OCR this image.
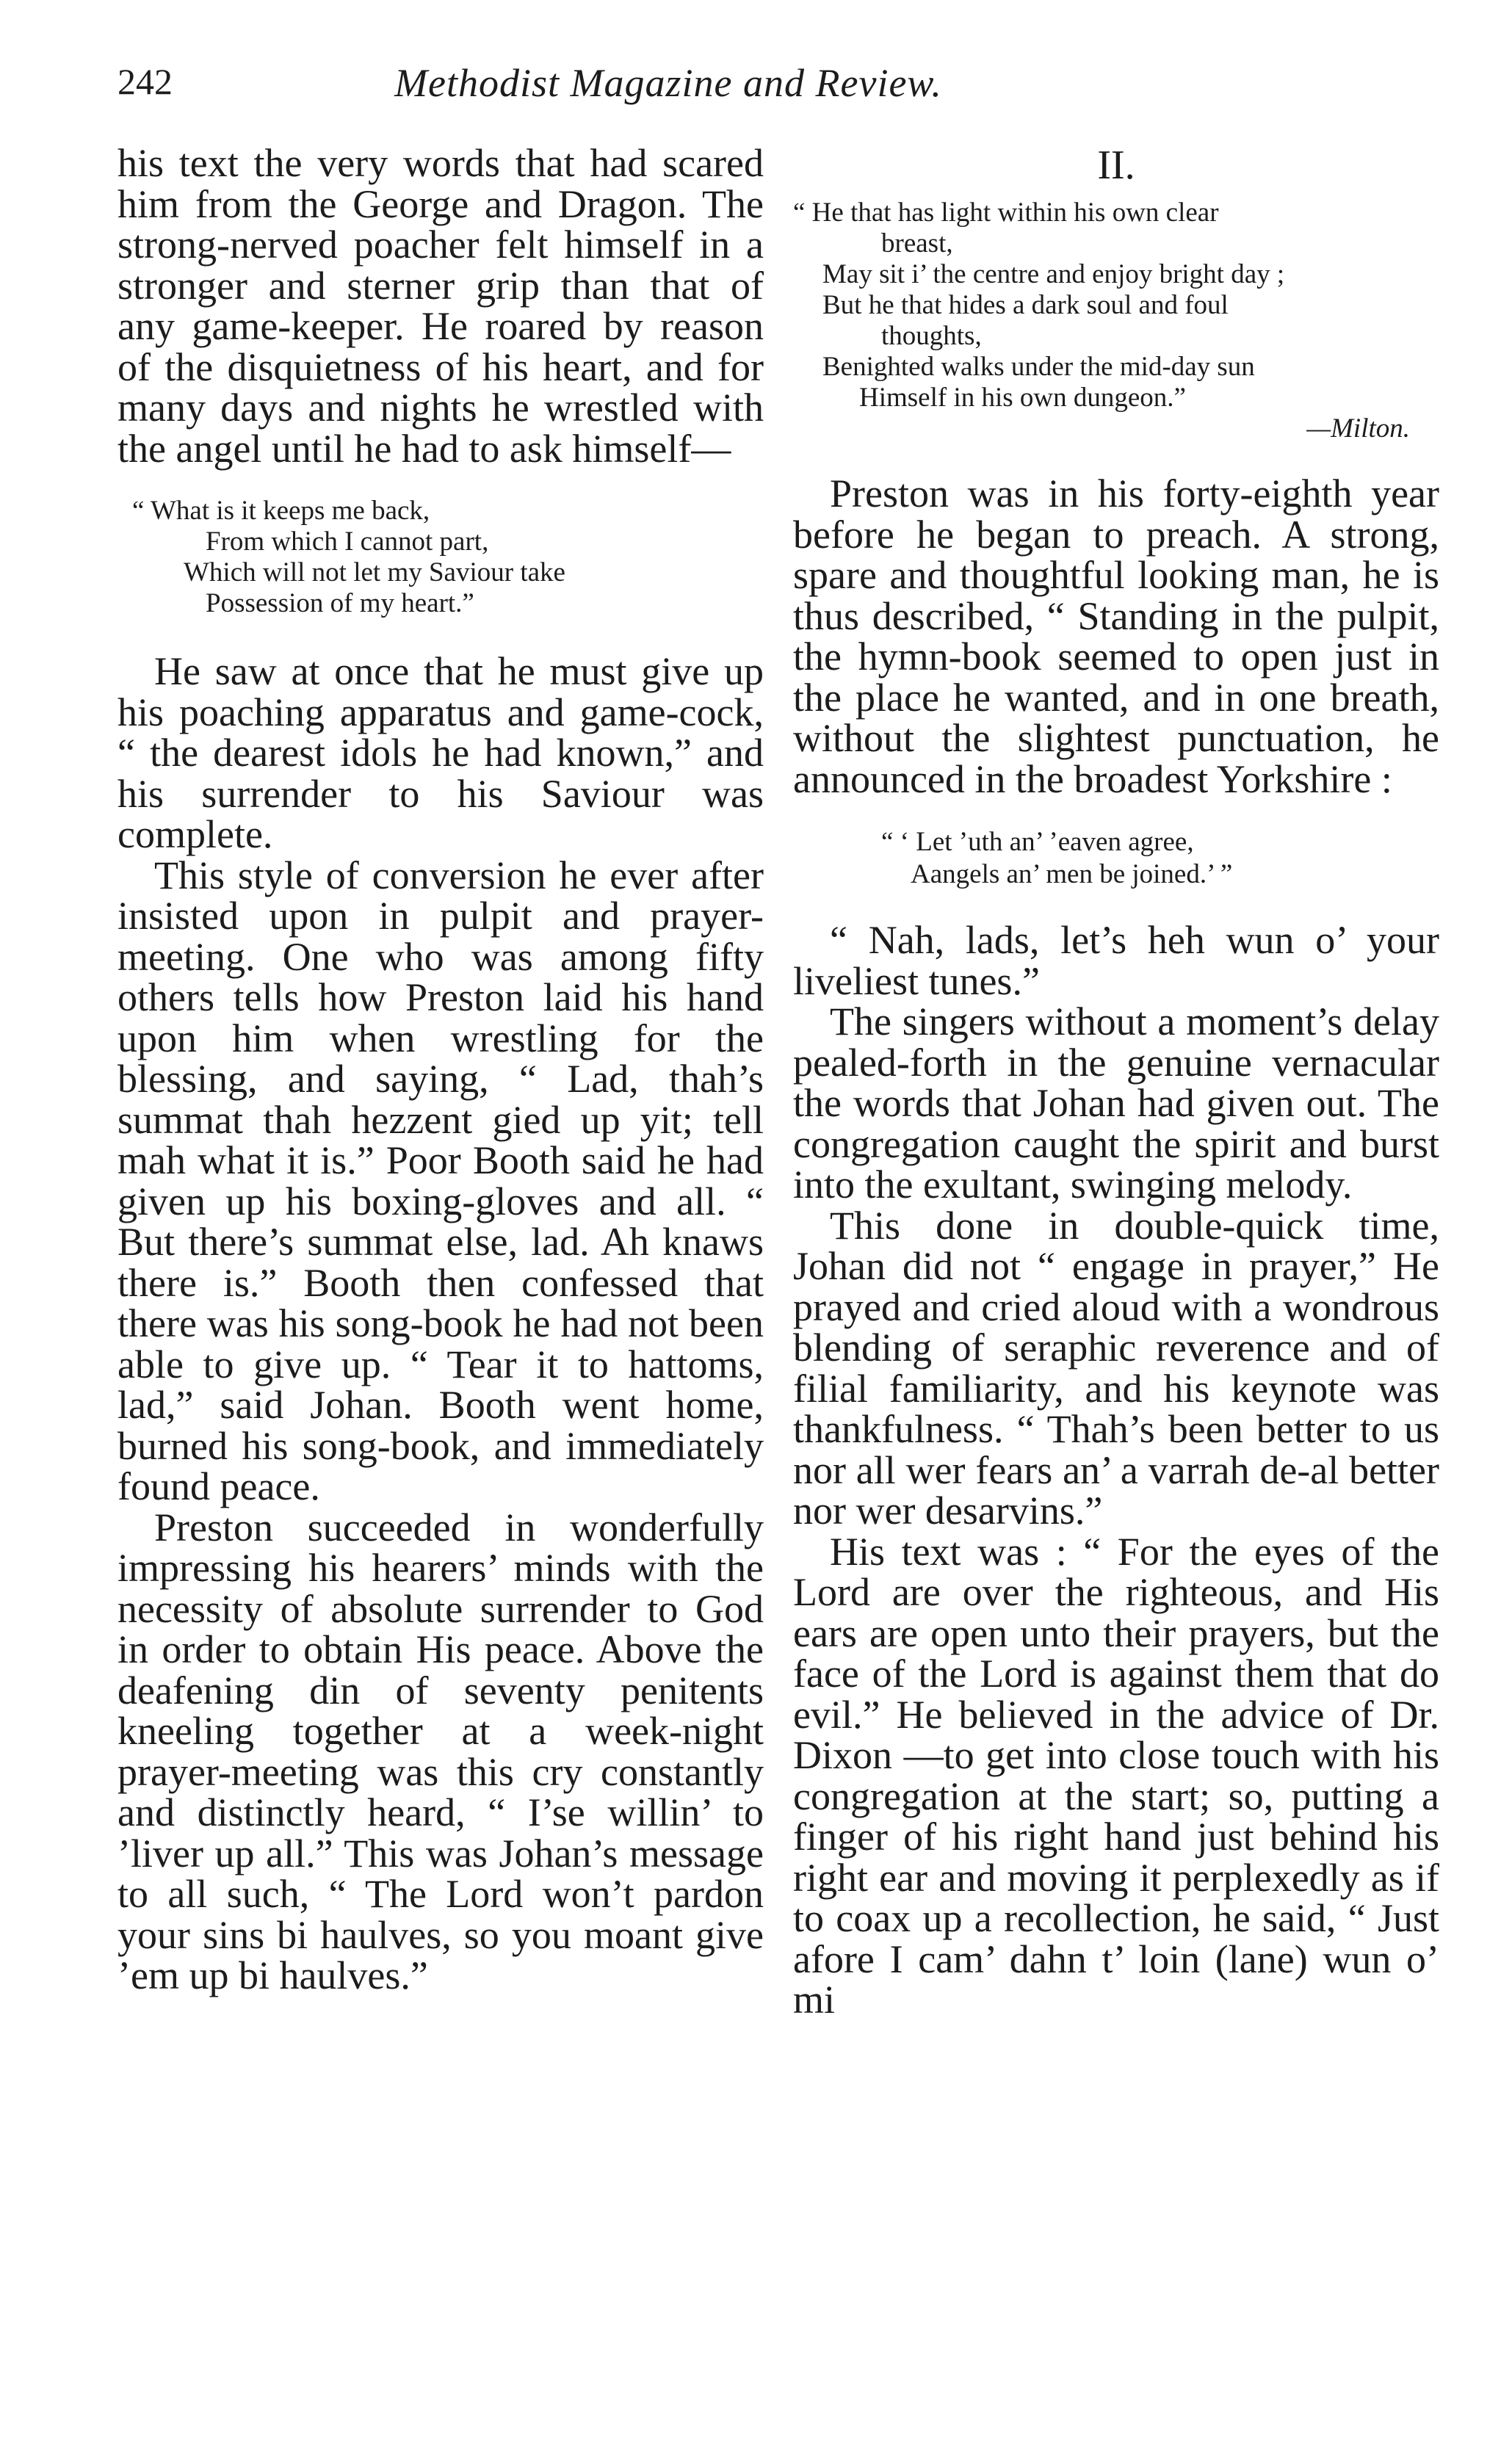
242	Methodist Magazine and Review.

his text the very words that had scared him from the George and Dragon. The strong-nerved poacher felt himself in a stronger and sterner grip than that of any game-keeper. He roared by reason of the disquietness of his heart, and for many days and nights he wrestled with the angel until he had to ask himself—

“ What is it keeps me back,
From which I cannot part,
Which will not let my Saviour take
Possession of my heart.”

He saw at once that he must give up his poaching apparatus and game-cock, “ the dearest idols he had known,” and his surrender to his Saviour was complete.

This style of conversion he ever after insisted upon in pulpit and prayer-meeting. One who was among fifty others tells how Preston laid his hand upon him when wrestling for the blessing, and saying, “ Lad, thah’s summat thah hezzent gied up yit; tell mah what it is.” Poor Booth said he had given up his boxing-gloves and all. “ But there’s summat else, lad. Ah knaws there is.” Booth then confessed that there was his song-book he had not been able to give up. “ Tear it to hattoms, lad,” said Johan. Booth went home, burned his song-book, and immediately found peace.

Preston succeeded in wonderfully impressing his hearers’ minds with the necessity of absolute surrender to God in order to obtain His peace. Above the deafening din of seventy penitents kneeling together at a week-night prayer-meeting was this cry constantly and distinctly heard, “ I’se willin’ to ’liver up all.” This was Johan’s message to all such, “ The Lord won’t pardon your sins bi haulves, so you moant give ’em up bi haulves.”

II.
“ He that has light within his own clear
breast,
May sit i’ the centre and enjoy bright day ;
But he that hides a dark soul and foul
thoughts,
Benighted walks under the mid-day sun
Himself in his own dungeon.”
—Milton.

Preston was in his forty-eighth year before he began to preach. A strong, spare and thoughtful looking man, he is thus described, “ Standing in the pulpit, the hymn-book seemed to open just in the place he wanted, and in one breath, without the slightest punctuation, he announced in the broadest Yorkshire :

“ ‘ Let ’uth an’ ’eaven agree,
Aangels an’ men be joined.’ ”

“ Nah, lads, let’s heh wun o’ your liveliest tunes.”

The singers without a moment’s delay pealed-forth in the genuine vernacular the words that Johan had given out. The congregation caught the spirit and burst into the exultant, swinging melody.

This done in double-quick time, Johan did not “ engage in prayer,” He prayed and cried aloud with a wondrous blending of seraphic reverence and of filial familiarity, and his keynote was thankfulness. “ Thah’s been better to us nor all wer fears an’ a varrah de-al better nor wer desarvins.”

His text was : “ For the eyes of the Lord are over the righteous, and His ears are open unto their prayers, but the face of the Lord is against them that do evil.” He believed in the advice of Dr. Dixon —to get into close touch with his congregation at the start; so, putting a finger of his right hand just behind his right ear and moving it perplexedly as if to coax up a recollection, he said, “ Just afore I cam’ dahn t’ loin (lane) wun o’ mi
